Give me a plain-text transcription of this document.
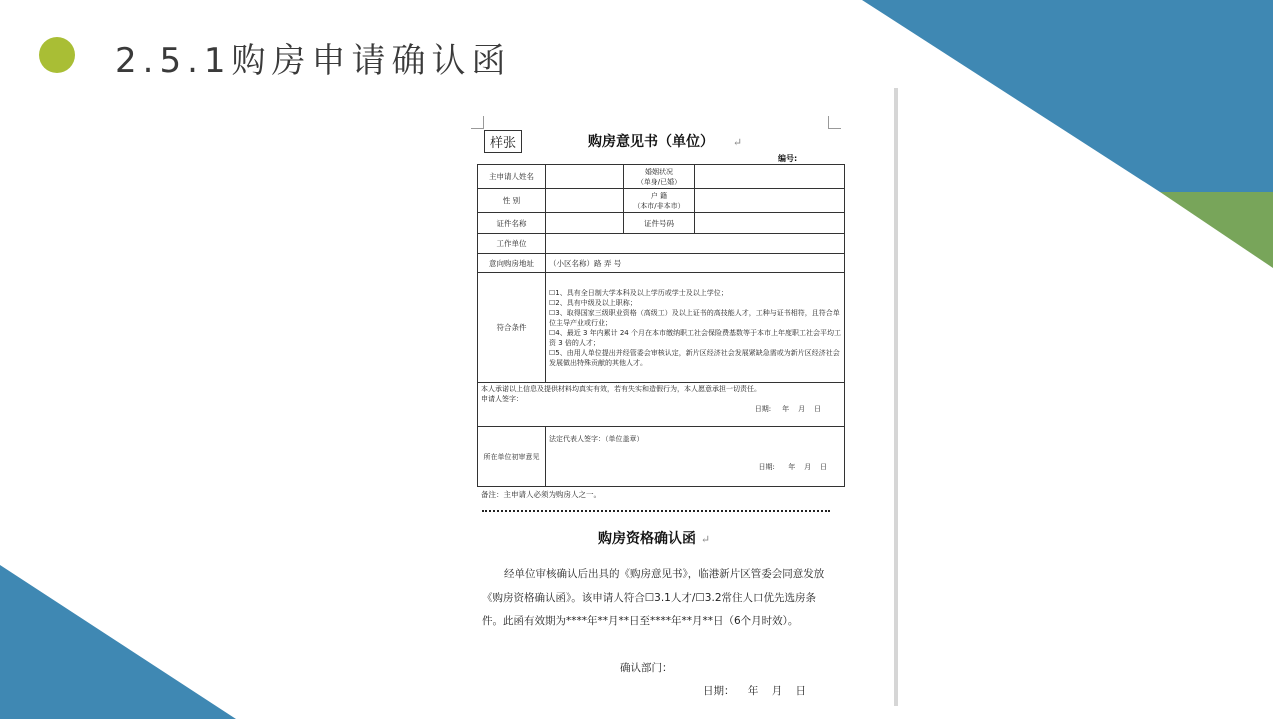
2.5.1购房申请确认函
样张	购房意见书（单位）     ↵
编号:
主申请人姓名		婚姻状况
（单身/已婚）	

性 别		户 籍
（本市/非本市）	

证件名称		证件号码	
工作单位			
意向购房地址	（小区名称）路 弄 号		
符合条件	☐1、具有全日制大学本科及以上学历或学士及以上学位；
☐2、具有中级及以上职称；
☐3、取得国家三级职业资格（高级工）及以上证书的高技能人才，工种与证书相符，且符合单位主导产业或行业；
☐4、最近 3 年内累计 24 个月在本市缴纳职工社会保险费基数等于本市上年度职工社会平均工资 3 倍的人才；
☐5、由用人单位提出并经管委会审核认定，新片区经济社会发展紧缺急需或为新片区经济社会发展做出特殊贡献的其他人才。		

本人承诺以上信息及提供材料均真实有效，若有失实和造假行为，本人愿意承担一切责任。
申请人签字：
日期:     年    月    日			

所在单位初审意见	法定代表人签字：（单位盖章）
日期:      年    月    日		
备注：主申请人必须为购房人之一。
购房资格确认函 ↵
经单位审核确认后出具的《购房意见书》，临港新片区管委会同意发放《购房资格确认函》。该申请人符合☐3.1人才/☐3.2常住人口优先选房条件。此函有效期为****年**月**日至****年**月**日（6个月时效）。
确认部门：
日期：    年    月    日
